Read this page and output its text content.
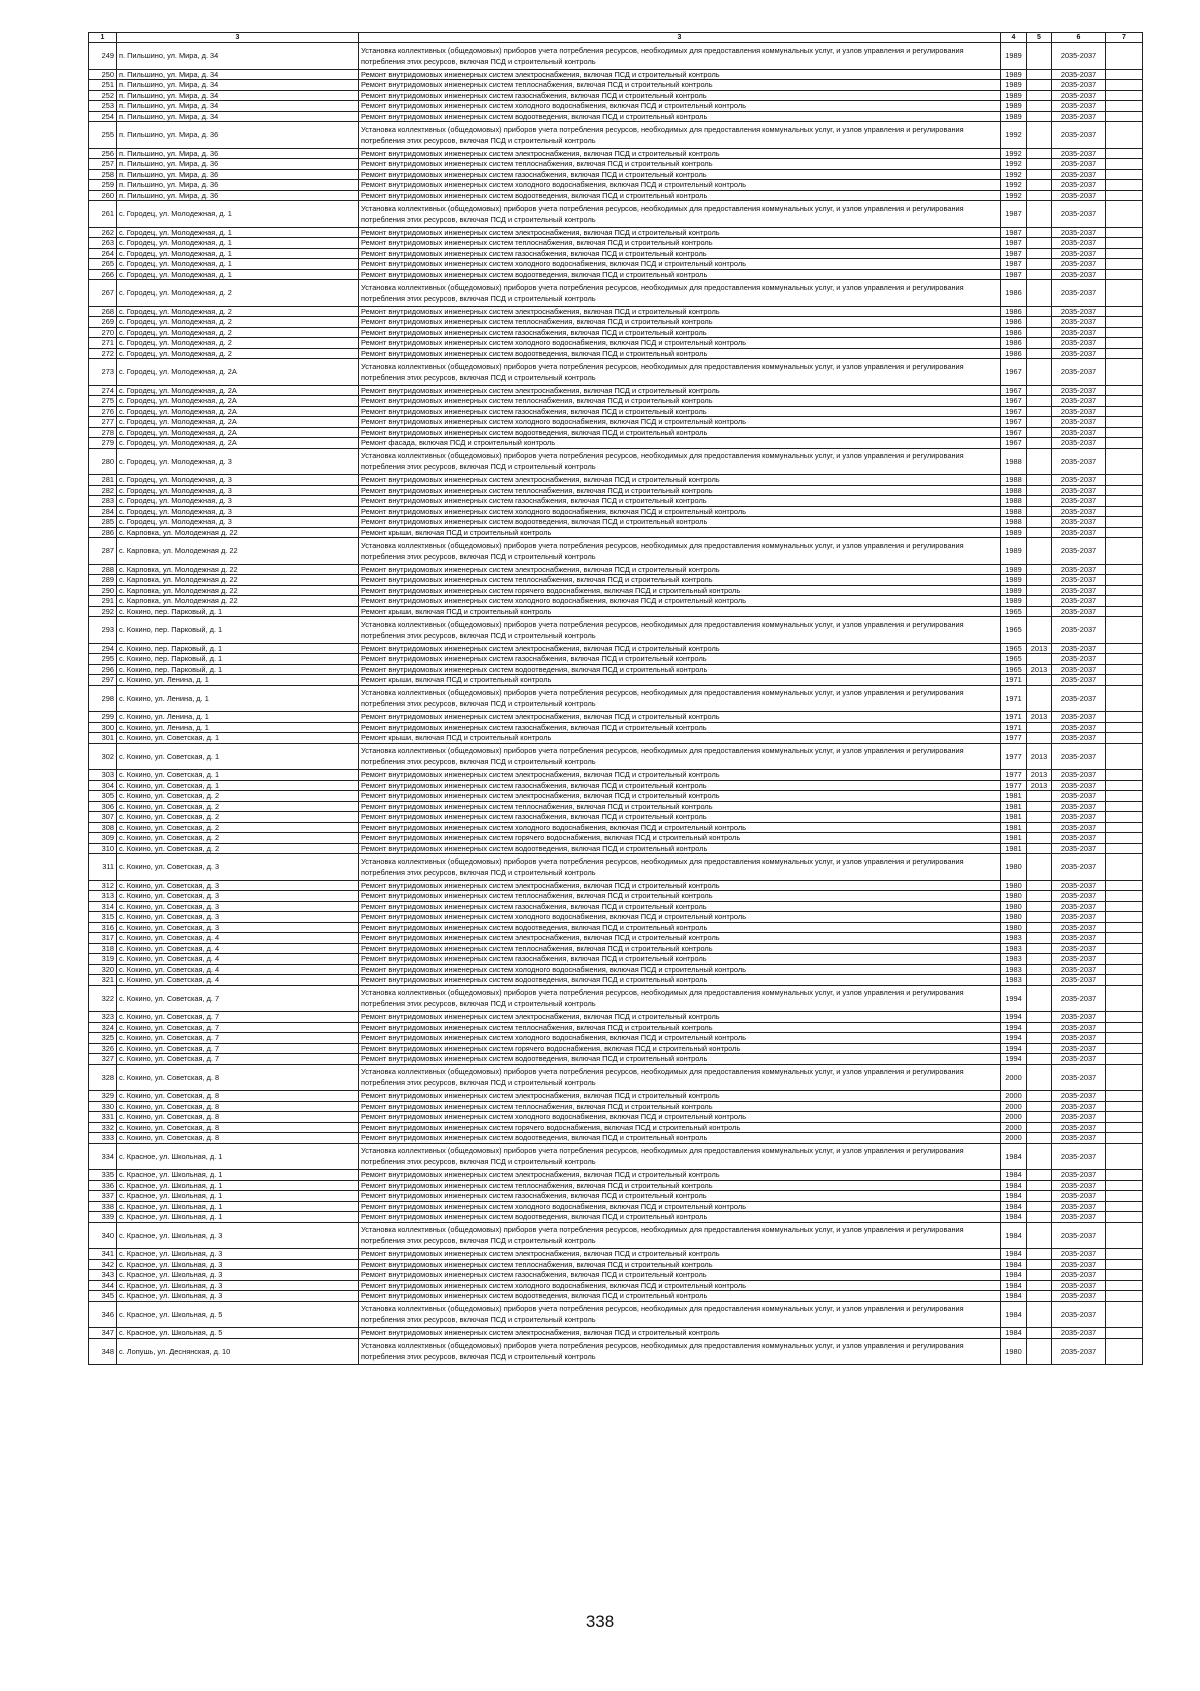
1	3	3	4	5	6	7
249	п. Пильшино, ул. Мира, д. 34	Установка коллективных (общедомовых) приборов учета потребления ресурсов, необходимых для предоставления коммунальных услуг, и узлов управления и регулирования потребления этих ресурсов, включая ПСД и строительный контроль	1989		2035-2037	
250	п. Пильшино, ул. Мира, д. 34	Ремонт внутридомовых инженерных систем электроснабжения, включая ПСД и строительный контроль	1989		2035-2037	
251	п. Пильшино, ул. Мира, д. 34	Ремонт внутридомовых инженерных систем теплоснабжения, включая ПСД и строительный контроль	1989		2035-2037	
252	п. Пильшино, ул. Мира, д. 34	Ремонт внутридомовых инженерных систем газоснабжения, включая ПСД и строительный контроль	1989		2035-2037	
253	п. Пильшино, ул. Мира, д. 34	Ремонт внутридомовых инженерных систем холодного водоснабжения, включая ПСД и строительный контроль	1989		2035-2037	
254	п. Пильшино, ул. Мира, д. 34	Ремонт внутридомовых инженерных систем водоотведения, включая ПСД и строительный контроль	1989		2035-2037	
255	п. Пильшино, ул. Мира, д. 36	Установка коллективных (общедомовых) приборов учета потребления ресурсов, необходимых для предоставления коммунальных услуг, и узлов управления и регулирования потребления этих ресурсов, включая ПСД и строительный контроль	1992		2035-2037	
256	п. Пильшино, ул. Мира, д. 36	Ремонт внутридомовых инженерных систем электроснабжения, включая ПСД и строительный контроль	1992		2035-2037	
257	п. Пильшино, ул. Мира, д. 36	Ремонт внутридомовых инженерных систем теплоснабжения, включая ПСД и строительный контроль	1992		2035-2037	
258	п. Пильшино, ул. Мира, д. 36	Ремонт внутридомовых инженерных систем газоснабжения, включая ПСД и строительный контроль	1992		2035-2037	
259	п. Пильшино, ул. Мира, д. 36	Ремонт внутридомовых инженерных систем холодного водоснабжения, включая ПСД и строительный контроль	1992		2035-2037	
260	п. Пильшино, ул. Мира, д. 36	Ремонт внутридомовых инженерных систем водоотведения, включая ПСД и строительный контроль	1992		2035-2037	
261	с. Городец, ул. Молодежная, д. 1	Установка коллективных (общедомовых) приборов учета потребления ресурсов, необходимых для предоставления коммунальных услуг, и узлов управления и регулирования потребления этих ресурсов, включая ПСД и строительный контроль	1987		2035-2037	
262	с. Городец, ул. Молодежная, д. 1	Ремонт внутридомовых инженерных систем электроснабжения, включая ПСД и строительный контроль	1987		2035-2037	
263	с. Городец, ул. Молодежная, д. 1	Ремонт внутридомовых инженерных систем теплоснабжения, включая ПСД и строительный контроль	1987		2035-2037	
264	с. Городец, ул. Молодежная, д. 1	Ремонт внутридомовых инженерных систем газоснабжения, включая ПСД и строительный контроль	1987		2035-2037	
265	с. Городец, ул. Молодежная, д. 1	Ремонт внутридомовых инженерных систем холодного водоснабжения, включая ПСД и строительный контроль	1987		2035-2037	
266	с. Городец, ул. Молодежная, д. 1	Ремонт внутридомовых инженерных систем водоотведения, включая ПСД и строительный контроль	1987		2035-2037	
267	с. Городец, ул. Молодежная, д. 2	Установка коллективных (общедомовых) приборов учета потребления ресурсов, необходимых для предоставления коммунальных услуг, и узлов управления и регулирования потребления этих ресурсов, включая ПСД и строительный контроль	1986		2035-2037	
268	с. Городец, ул. Молодежная, д. 2	Ремонт внутридомовых инженерных систем электроснабжения, включая ПСД и строительный контроль	1986		2035-2037	
269	с. Городец, ул. Молодежная, д. 2	Ремонт внутридомовых инженерных систем теплоснабжения, включая ПСД и строительный контроль	1986		2035-2037	
270	с. Городец, ул. Молодежная, д. 2	Ремонт внутридомовых инженерных систем газоснабжения, включая ПСД и строительный контроль	1986		2035-2037	
271	с. Городец, ул. Молодежная, д. 2	Ремонт внутридомовых инженерных систем холодного водоснабжения, включая ПСД и строительный контроль	1986		2035-2037	
272	с. Городец, ул. Молодежная, д. 2	Ремонт внутридомовых инженерных систем водоотведения, включая ПСД и строительный контроль	1986		2035-2037	
273	с. Городец, ул. Молодежная, д. 2А	Установка коллективных (общедомовых) приборов учета потребления ресурсов, необходимых для предоставления коммунальных услуг, и узлов управления и регулирования потребления этих ресурсов, включая ПСД и строительный контроль	1967		2035-2037	
274	с. Городец, ул. Молодежная, д. 2А	Ремонт внутридомовых инженерных систем электроснабжения, включая ПСД и строительный контроль	1967		2035-2037	
275	с. Городец, ул. Молодежная, д. 2А	Ремонт внутридомовых инженерных систем теплоснабжения, включая ПСД и строительный контроль	1967		2035-2037	
276	с. Городец, ул. Молодежная, д. 2А	Ремонт внутридомовых инженерных систем газоснабжения, включая ПСД и строительный контроль	1967		2035-2037	
277	с. Городец, ул. Молодежная, д. 2А	Ремонт внутридомовых инженерных систем холодного водоснабжения, включая ПСД и строительный контроль	1967		2035-2037	
278	с. Городец, ул. Молодежная, д. 2А	Ремонт внутридомовых инженерных систем водоотведения, включая ПСД и строительный контроль	1967		2035-2037	
279	с. Городец, ул. Молодежная, д. 2А	Ремонт фасада, включая ПСД и строительный контроль	1967		2035-2037	
280	с. Городец, ул. Молодежная, д. 3	Установка коллективных (общедомовых) приборов учета потребления ресурсов, необходимых для предоставления коммунальных услуг, и узлов управления и регулирования потребления этих ресурсов, включая ПСД и строительный контроль	1988		2035-2037	
281	с. Городец, ул. Молодежная, д. 3	Ремонт внутридомовых инженерных систем электроснабжения, включая ПСД и строительный контроль	1988		2035-2037	
282	с. Городец, ул. Молодежная, д. 3	Ремонт внутридомовых инженерных систем теплоснабжения, включая ПСД и строительный контроль	1988		2035-2037	
283	с. Городец, ул. Молодежная, д. 3	Ремонт внутридомовых инженерных систем газоснабжения, включая ПСД и строительный контроль	1988		2035-2037	
284	с. Городец, ул. Молодежная, д. 3	Ремонт внутридомовых инженерных систем холодного водоснабжения, включая ПСД и строительный контроль	1988		2035-2037	
285	с. Городец, ул. Молодежная, д. 3	Ремонт внутридомовых инженерных систем водоотведения, включая ПСД и строительный контроль	1988		2035-2037	
286	с. Карповка, ул. Молодежная д. 22	Ремонт крыши, включая ПСД и строительный контроль	1989		2035-2037	
287	с. Карповка, ул. Молодежная д. 22	Установка коллективных (общедомовых) приборов учета потребления ресурсов, необходимых для предоставления коммунальных услуг, и узлов управления и регулирования потребления этих ресурсов, включая ПСД и строительный контроль	1989		2035-2037	
288	с. Карповка, ул. Молодежная д. 22	Ремонт внутридомовых инженерных систем электроснабжения, включая ПСД и строительный контроль	1989		2035-2037	
289	с. Карповка, ул. Молодежная д. 22	Ремонт внутридомовых инженерных систем теплоснабжения, включая ПСД и строительный контроль	1989		2035-2037	
290	с. Карповка, ул. Молодежная д. 22	Ремонт внутридомовых инженерных систем горячего водоснабжения, включая ПСД и строительный контроль	1989		2035-2037	
291	с. Карповка, ул. Молодежная д. 22	Ремонт внутридомовых инженерных систем холодного водоснабжения, включая ПСД и строительный контроль	1989		2035-2037	
292	с. Кокино, пер. Парковый, д. 1	Ремонт крыши, включая ПСД и строительный контроль	1965		2035-2037	
293	с. Кокино, пер. Парковый, д. 1	Установка коллективных (общедомовых) приборов учета потребления ресурсов, необходимых для предоставления коммунальных услуг, и узлов управления и регулирования потребления этих ресурсов, включая ПСД и строительный контроль	1965		2035-2037	
294	с. Кокино, пер. Парковый, д. 1	Ремонт внутридомовых инженерных систем электроснабжения, включая ПСД и строительный контроль	1965	2013	2035-2037	
295	с. Кокино, пер. Парковый, д. 1	Ремонт внутридомовых инженерных систем газоснабжения, включая ПСД и строительный контроль	1965		2035-2037	
296	с. Кокино, пер. Парковый, д. 1	Ремонт внутридомовых инженерных систем водоотведения, включая ПСД и строительный контроль	1965	2013	2035-2037	
297	с. Кокино, ул. Ленина, д. 1	Ремонт крыши, включая ПСД и строительный контроль	1971		2035-2037	
298	с. Кокино, ул. Ленина, д. 1	Установка коллективных (общедомовых) приборов учета потребления ресурсов, необходимых для предоставления коммунальных услуг, и узлов управления и регулирования потребления этих ресурсов, включая ПСД и строительный контроль	1971		2035-2037	
299	с. Кокино, ул. Ленина, д. 1	Ремонт внутридомовых инженерных систем электроснабжения, включая ПСД и строительный контроль	1971	2013	2035-2037	
300	с. Кокино, ул. Ленина, д. 1	Ремонт внутридомовых инженерных систем газоснабжения, включая ПСД и строительный контроль	1971		2035-2037	
301	с. Кокино, ул. Советская, д. 1	Ремонт крыши, включая ПСД и строительный контроль	1977		2035-2037	
302	с. Кокино, ул. Советская, д. 1	Установка коллективных (общедомовых) приборов учета потребления ресурсов, необходимых для предоставления коммунальных услуг, и узлов управления и регулирования потребления этих ресурсов, включая ПСД и строительный контроль	1977	2013	2035-2037	
303	с. Кокино, ул. Советская, д. 1	Ремонт внутридомовых инженерных систем электроснабжения, включая ПСД и строительный контроль	1977	2013	2035-2037	
304	с. Кокино, ул. Советская, д. 1	Ремонт внутридомовых инженерных систем газоснабжения, включая ПСД и строительный контроль	1977	2013	2035-2037	
305	с. Кокино, ул. Советская, д. 2	Ремонт внутридомовых инженерных систем электроснабжения, включая ПСД и строительный контроль	1981		2035-2037	
306	с. Кокино, ул. Советская, д. 2	Ремонт внутридомовых инженерных систем теплоснабжения, включая ПСД и строительный контроль	1981		2035-2037	
307	с. Кокино, ул. Советская, д. 2	Ремонт внутридомовых инженерных систем газоснабжения, включая ПСД и строительный контроль	1981		2035-2037	
308	с. Кокино, ул. Советская, д. 2	Ремонт внутридомовых инженерных систем холодного водоснабжения, включая ПСД и строительный контроль	1981		2035-2037	
309	с. Кокино, ул. Советская, д. 2	Ремонт внутридомовых инженерных систем горячего водоснабжения, включая ПСД и строительный контроль	1981		2035-2037	
310	с. Кокино, ул. Советская, д. 2	Ремонт внутридомовых инженерных систем водоотведения, включая ПСД и строительный контроль	1981		2035-2037	
311	с. Кокино, ул. Советская, д. 3	Установка коллективных (общедомовых) приборов учета потребления ресурсов, необходимых для предоставления коммунальных услуг, и узлов управления и регулирования потребления этих ресурсов, включая ПСД и строительный контроль	1980		2035-2037	
312	с. Кокино, ул. Советская, д. 3	Ремонт внутридомовых инженерных систем электроснабжения, включая ПСД и строительный контроль	1980		2035-2037	
313	с. Кокино, ул. Советская, д. 3	Ремонт внутридомовых инженерных систем теплоснабжения, включая ПСД и строительный контроль	1980		2035-2037	
314	с. Кокино, ул. Советская, д. 3	Ремонт внутридомовых инженерных систем газоснабжения, включая ПСД и строительный контроль	1980		2035-2037	
315	с. Кокино, ул. Советская, д. 3	Ремонт внутридомовых инженерных систем холодного водоснабжения, включая ПСД и строительный контроль	1980		2035-2037	
316	с. Кокино, ул. Советская, д. 3	Ремонт внутридомовых инженерных систем водоотведения, включая ПСД и строительный контроль	1980		2035-2037	
317	с. Кокино, ул. Советская, д. 4	Ремонт внутридомовых инженерных систем электроснабжения, включая ПСД и строительный контроль	1983		2035-2037	
318	с. Кокино, ул. Советская, д. 4	Ремонт внутридомовых инженерных систем теплоснабжения, включая ПСД и строительный контроль	1983		2035-2037	
319	с. Кокино, ул. Советская, д. 4	Ремонт внутридомовых инженерных систем газоснабжения, включая ПСД и строительный контроль	1983		2035-2037	
320	с. Кокино, ул. Советская, д. 4	Ремонт внутридомовых инженерных систем холодного водоснабжения, включая ПСД и строительный контроль	1983		2035-2037	
321	с. Кокино, ул. Советская, д. 4	Ремонт внутридомовых инженерных систем водоотведения, включая ПСД и строительный контроль	1983		2035-2037	
322	с. Кокино, ул. Советская, д. 7	Установка коллективных (общедомовых) приборов учета потребления ресурсов, необходимых для предоставления коммунальных услуг, и узлов управления и регулирования потребления этих ресурсов, включая ПСД и строительный контроль	1994		2035-2037	
323	с. Кокино, ул. Советская, д. 7	Ремонт внутридомовых инженерных систем электроснабжения, включая ПСД и строительный контроль	1994		2035-2037	
324	с. Кокино, ул. Советская, д. 7	Ремонт внутридомовых инженерных систем теплоснабжения, включая ПСД и строительный контроль	1994		2035-2037	
325	с. Кокино, ул. Советская, д. 7	Ремонт внутридомовых инженерных систем холодного водоснабжения, включая ПСД и строительный контроль	1994		2035-2037	
326	с. Кокино, ул. Советская, д. 7	Ремонт внутридомовых инженерных систем горячего водоснабжения, включая ПСД и строительный контроль	1994		2035-2037	
327	с. Кокино, ул. Советская, д. 7	Ремонт внутридомовых инженерных систем водоотведения, включая ПСД и строительный контроль	1994		2035-2037	
328	с. Кокино, ул. Советская, д. 8	Установка коллективных (общедомовых) приборов учета потребления ресурсов, необходимых для предоставления коммунальных услуг, и узлов управления и регулирования потребления этих ресурсов, включая ПСД и строительный контроль	2000		2035-2037	
329	с. Кокино, ул. Советская, д. 8	Ремонт внутридомовых инженерных систем электроснабжения, включая ПСД и строительный контроль	2000		2035-2037	
330	с. Кокино, ул. Советская, д. 8	Ремонт внутридомовых инженерных систем теплоснабжения, включая ПСД и строительный контроль	2000		2035-2037	
331	с. Кокино, ул. Советская, д. 8	Ремонт внутридомовых инженерных систем холодного водоснабжения, включая ПСД и строительный контроль	2000		2035-2037	
332	с. Кокино, ул. Советская, д. 8	Ремонт внутридомовых инженерных систем горячего водоснабжения, включая ПСД и строительный контроль	2000		2035-2037	
333	с. Кокино, ул. Советская, д. 8	Ремонт внутридомовых инженерных систем водоотведения, включая ПСД и строительный контроль	2000		2035-2037	
334	с. Красное, ул. Школьная, д. 1	Установка коллективных (общедомовых) приборов учета потребления ресурсов, необходимых для предоставления коммунальных услуг, и узлов управления и регулирования потребления этих ресурсов, включая ПСД и строительный контроль	1984		2035-2037	
335	с. Красное, ул. Школьная, д. 1	Ремонт внутридомовых инженерных систем электроснабжения, включая ПСД и строительный контроль	1984		2035-2037	
336	с. Красное, ул. Школьная, д. 1	Ремонт внутридомовых инженерных систем теплоснабжения, включая ПСД и строительный контроль	1984		2035-2037	
337	с. Красное, ул. Школьная, д. 1	Ремонт внутридомовых инженерных систем газоснабжения, включая ПСД и строительный контроль	1984		2035-2037	
338	с. Красное, ул. Школьная, д. 1	Ремонт внутридомовых инженерных систем холодного водоснабжения, включая ПСД и строительный контроль	1984		2035-2037	
339	с. Красное, ул. Школьная, д. 1	Ремонт внутридомовых инженерных систем водоотведения, включая ПСД и строительный контроль	1984		2035-2037	
340	с. Красное, ул. Школьная, д. 3	Установка коллективных (общедомовых) приборов учета потребления ресурсов, необходимых для предоставления коммунальных услуг, и узлов управления и регулирования потребления этих ресурсов, включая ПСД и строительный контроль	1984		2035-2037	
341	с. Красное, ул. Школьная, д. 3	Ремонт внутридомовых инженерных систем электроснабжения, включая ПСД и строительный контроль	1984		2035-2037	
342	с. Красное, ул. Школьная, д. 3	Ремонт внутридомовых инженерных систем теплоснабжения, включая ПСД и строительный контроль	1984		2035-2037	
343	с. Красное, ул. Школьная, д. 3	Ремонт внутридомовых инженерных систем газоснабжения, включая ПСД и строительный контроль	1984		2035-2037	
344	с. Красное, ул. Школьная, д. 3	Ремонт внутридомовых инженерных систем холодного водоснабжения, включая ПСД и строительный контроль	1984		2035-2037	
345	с. Красное, ул. Школьная, д. 3	Ремонт внутридомовых инженерных систем водоотведения, включая ПСД и строительный контроль	1984		2035-2037	
346	с. Красное, ул. Школьная, д. 5	Установка коллективных (общедомовых) приборов учета потребления ресурсов, необходимых для предоставления коммунальных услуг, и узлов управления и регулирования потребления этих ресурсов, включая ПСД и строительный контроль	1984		2035-2037	
347	с. Красное, ул. Школьная, д. 5	Ремонт внутридомовых инженерных систем электроснабжения, включая ПСД и строительный контроль	1984		2035-2037	
348	с. Лопушь, ул. Деснянская, д. 10	Установка коллективных (общедомовых) приборов учета потребления ресурсов, необходимых для предоставления коммунальных услуг, и узлов управления и регулирования потребления этих ресурсов, включая ПСД и строительный контроль	1980		2035-2037	
338
